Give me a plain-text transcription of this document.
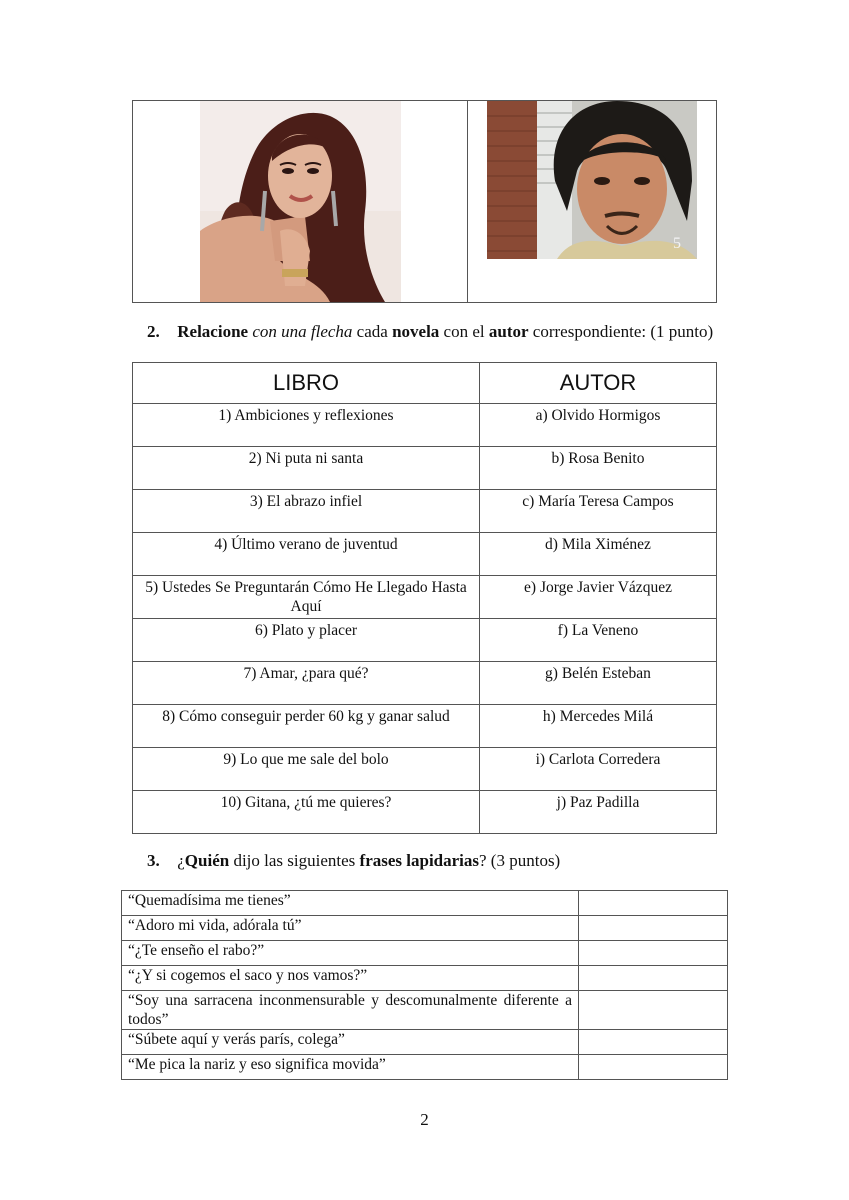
5
2. Relacione con una flecha cada novela con el autor correspondiente: (1 punto)
LIBRO	AUTOR
1) Ambiciones y reflexiones	a) Olvido Hormigos
2) Ni puta ni santa	b) Rosa Benito
3) El abrazo infiel	c) María Teresa Campos
4) Último verano de juventud	d) Mila Ximénez
5) Ustedes Se Preguntarán Cómo He Llegado Hasta Aquí	e) Jorge Javier Vázquez
6) Plato y placer	f) La Veneno
7) Amar, ¿para qué?	g) Belén Esteban
8) Cómo conseguir perder 60 kg y ganar salud	h) Mercedes Milá
9) Lo que me sale del bolo	i) Carlota Corredera
10) Gitana, ¿tú me quieres?	j) Paz Padilla
3. ¿Quién dijo las siguientes frases lapidarias? (3 puntos)
“Quemadísima me tienes”	
“Adoro mi vida, adórala tú”	
“¿Te enseño el rabo?”	
“¿Y si cogemos el saco y nos vamos?”	
“Soy una sarracena inconmensurable y descomunalmente diferente a todos”	
“Súbete aquí y verás parís, colega”	
“Me pica la nariz y eso significa movida”	
2
